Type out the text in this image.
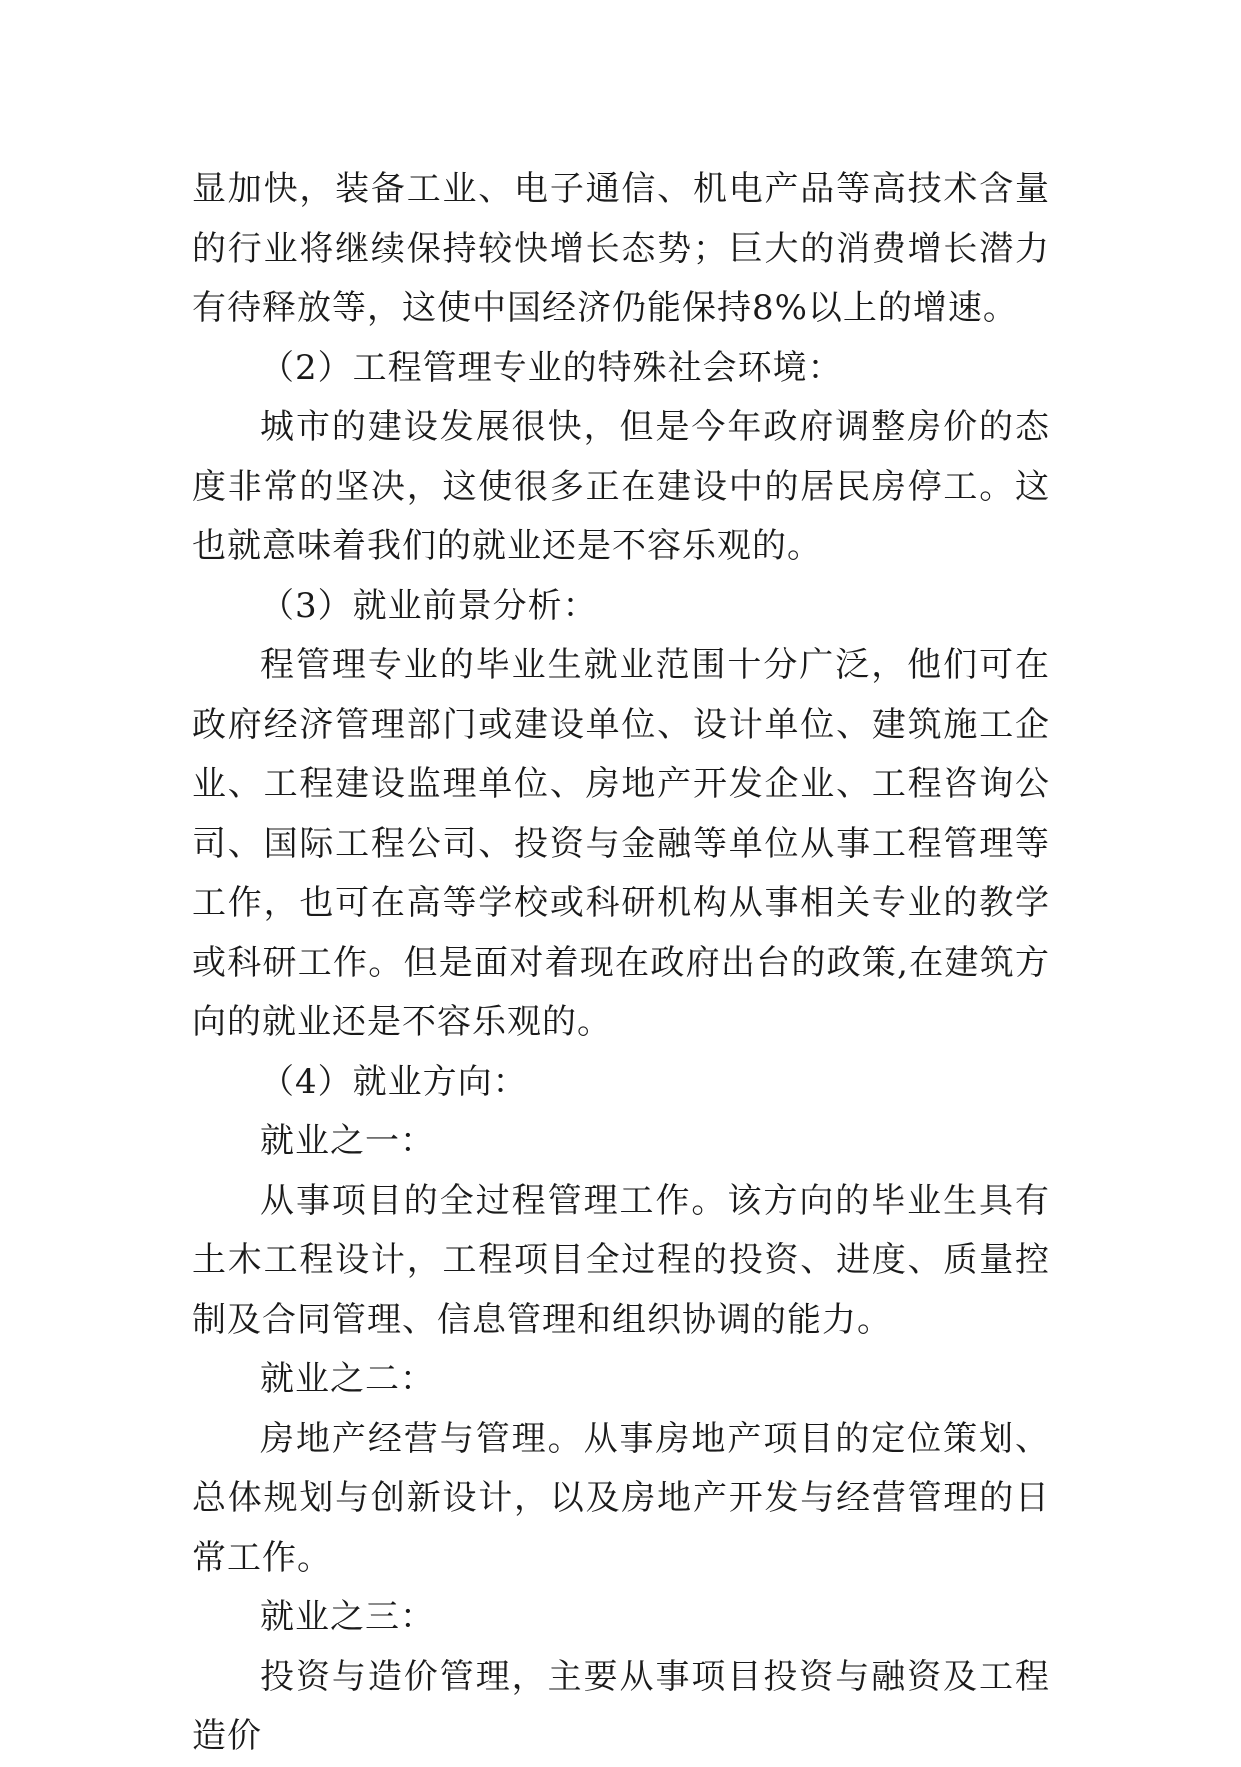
显加快，装备工业、电子通信、机电产品等高技术含量的行业将继续保持较快增长态势；巨大的消费增长潜力有待释放等，这使中国经济仍能保持8%以上的增速。

（2）工程管理专业的特殊社会环境：

城市的建设发展很快，但是今年政府调整房价的态度非常的坚决，这使很多正在建设中的居民房停工。这也就意味着我们的就业还是不容乐观的。

（3）就业前景分析：

程管理专业的毕业生就业范围十分广泛，他们可在政府经济管理部门或建设单位、设计单位、建筑施工企业、工程建设监理单位、房地产开发企业、工程咨询公司、国际工程公司、投资与金融等单位从事工程管理等工作，也可在高等学校或科研机构从事相关专业的教学或科研工作。但是面对着现在政府出台的政策,在建筑方向的就业还是不容乐观的。

（4）就业方向：

就业之一：

从事项目的全过程管理工作。该方向的毕业生具有土木工程设计，工程项目全过程的投资、进度、质量控制及合同管理、信息管理和组织协调的能力。

就业之二：

房地产经营与管理。从事房地产项目的定位策划、总体规划与创新设计，以及房地产开发与经营管理的日常工作。

就业之三：

投资与造价管理，主要从事项目投资与融资及工程造价
